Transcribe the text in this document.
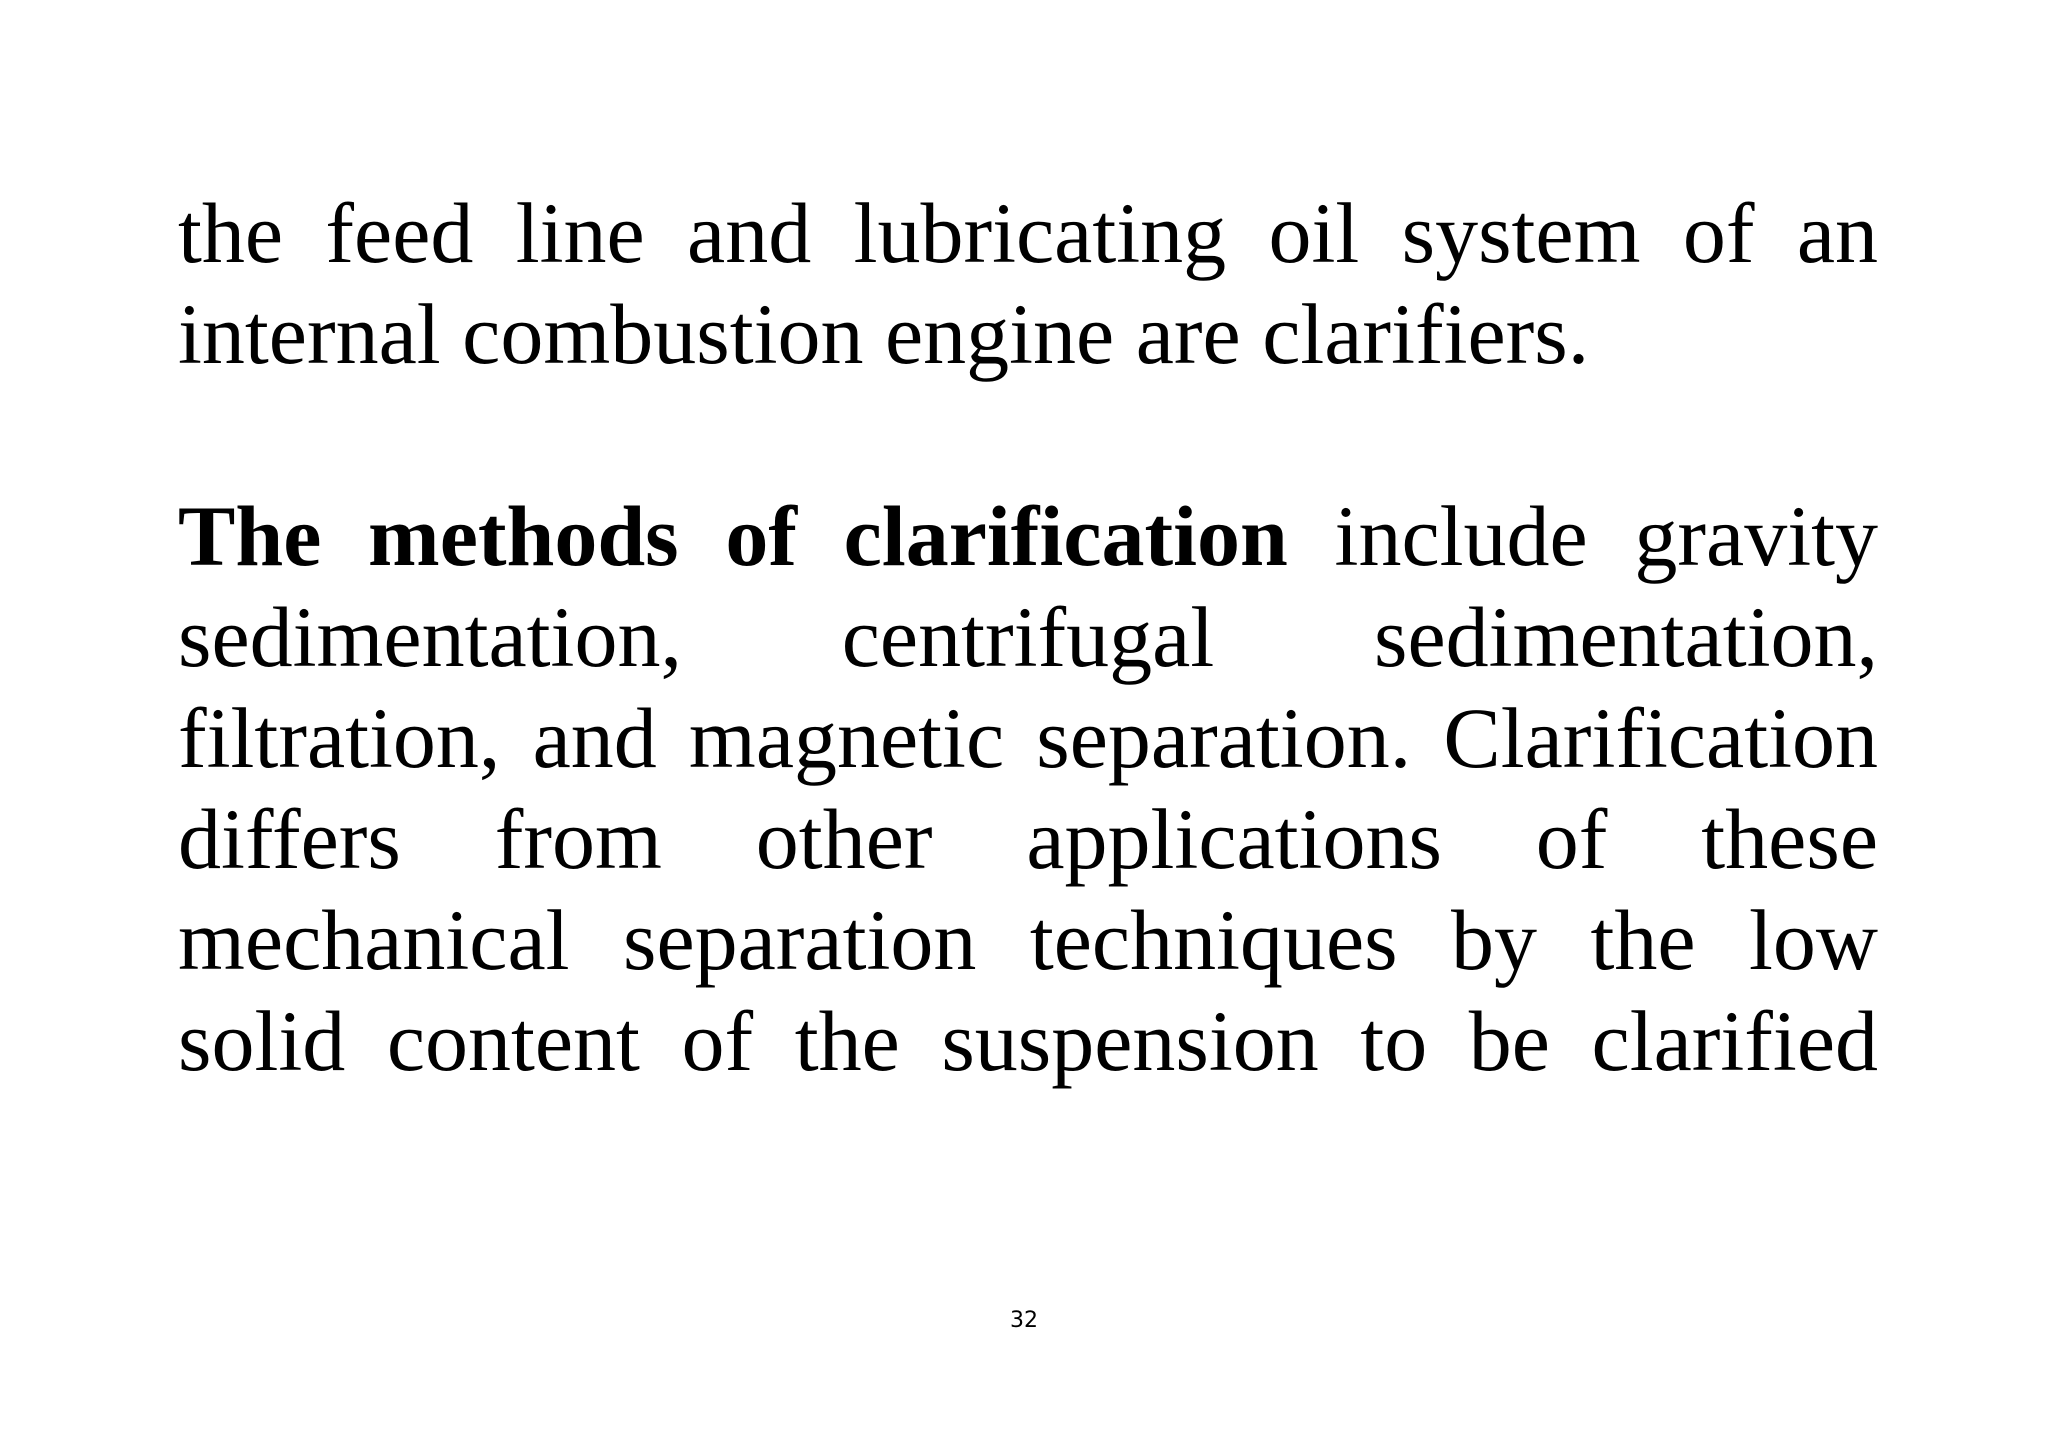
the feed line and lubricating oil system of an
internal combustion engine are clarifiers.
The methods of clarification include gravity
sedimentation, centrifugal sedimentation,
filtration, and magnetic separation. Clarification
differs from other applications of these
mechanical separation techniques by the low
solid content of the suspension to be clarified
32
